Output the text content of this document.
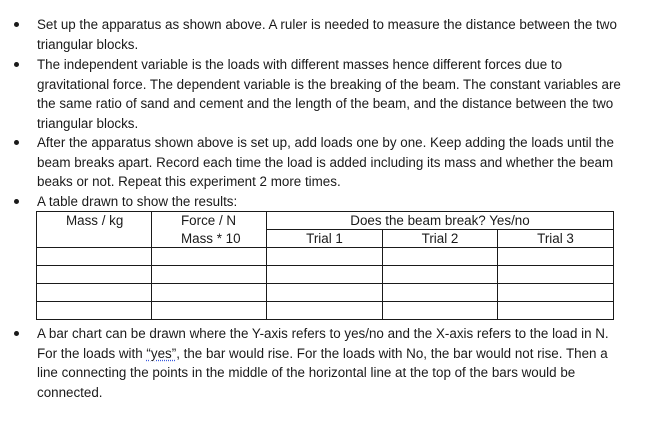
Set up the apparatus as shown above. A ruler is needed to measure the distance between the two triangular blocks.
The independent variable is the loads with different masses hence different forces due to gravitational force. The dependent variable is the breaking of the beam. The constant variables are the same ratio of sand and cement and the length of the beam, and the distance between the two triangular blocks.
After the apparatus shown above is set up, add loads one by one. Keep adding the loads until the beam breaks apart. Record each time the load is added including its mass and whether the beam beaks or not. Repeat this experiment 2 more times.
A table drawn to show the results:
Mass / kg	Force / N	Does the beam break? Yes/no		
	Mass * 10	Trial 1	Trial 2	Trial 3

A bar chart can be drawn where the Y-axis refers to yes/no and the X-axis refers to the load in N. For the loads with “yes”, the bar would rise. For the loads with No, the bar would not rise. Then a line connecting the points in the middle of the horizontal line at the top of the bars would be connected.
